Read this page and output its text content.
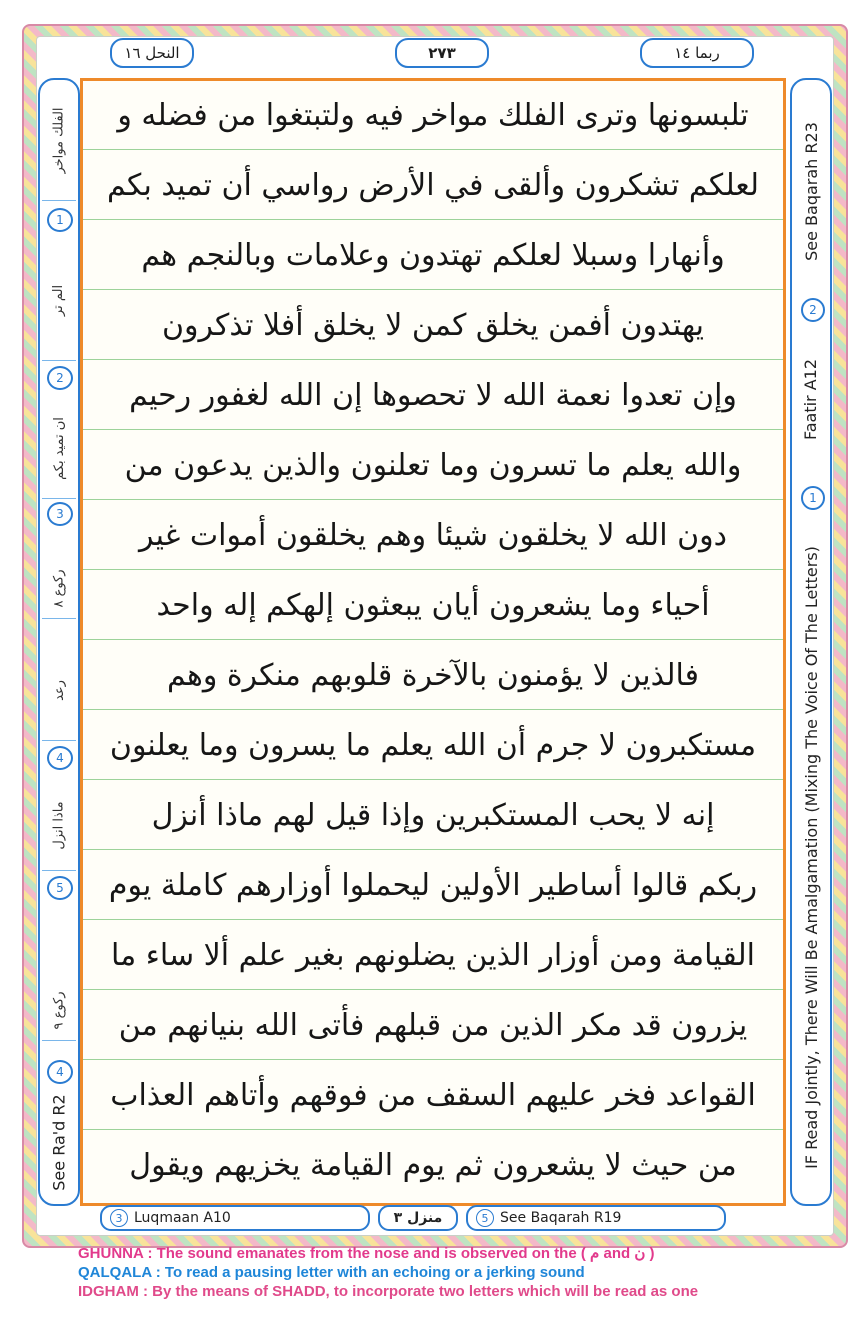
ربما ١٤
٢٧٣
النحل ١٦
See Baqarah R23
2
Faatir A12
1
IF Read Jointly, There Will Be Amalgamation (Mixing The Voice Of The Letters)
الفلك مواخر
1
الم تر
2
ان تميد بكم
3
ركوع ٨
رعد
4
ماذا انزل
5
ركوع ٩
4
See Ra'd R2
تلبسونها وترى الفلك مواخر فيه ولتبتغوا من فضله و
لعلكم تشكرون وألقى في الأرض رواسي أن تميد بكم
وأنهارا وسبلا لعلكم تهتدون وعلامات وبالنجم هم
يهتدون أفمن يخلق كمن لا يخلق أفلا تذكرون
وإن تعدوا نعمة الله لا تحصوها إن الله لغفور رحيم
والله يعلم ما تسرون وما تعلنون والذين يدعون من
دون الله لا يخلقون شيئا وهم يخلقون أموات غير
أحياء وما يشعرون أيان يبعثون إلهكم إله واحد
فالذين لا يؤمنون بالآخرة قلوبهم منكرة وهم
مستكبرون لا جرم أن الله يعلم ما يسرون وما يعلنون
إنه لا يحب المستكبرين وإذا قيل لهم ماذا أنزل
ربكم قالوا أساطير الأولين ليحملوا أوزارهم كاملة يوم
القيامة ومن أوزار الذين يضلونهم بغير علم ألا ساء ما
يزرون قد مكر الذين من قبلهم فأتى الله بنيانهم من
القواعد فخر عليهم السقف من فوقهم وأتاهم العذاب
من حيث لا يشعرون ثم يوم القيامة يخزيهم ويقول
3 Luqmaan A10	منزل ٣	5 See Baqarah R19
GHUNNA : The sound emanates from the nose and is observed on the ( م and ن )
QALQALA : To read a pausing letter with an echoing or a jerking sound
IDGHAM : By the means of SHADD, to incorporate two letters which will be read as one
